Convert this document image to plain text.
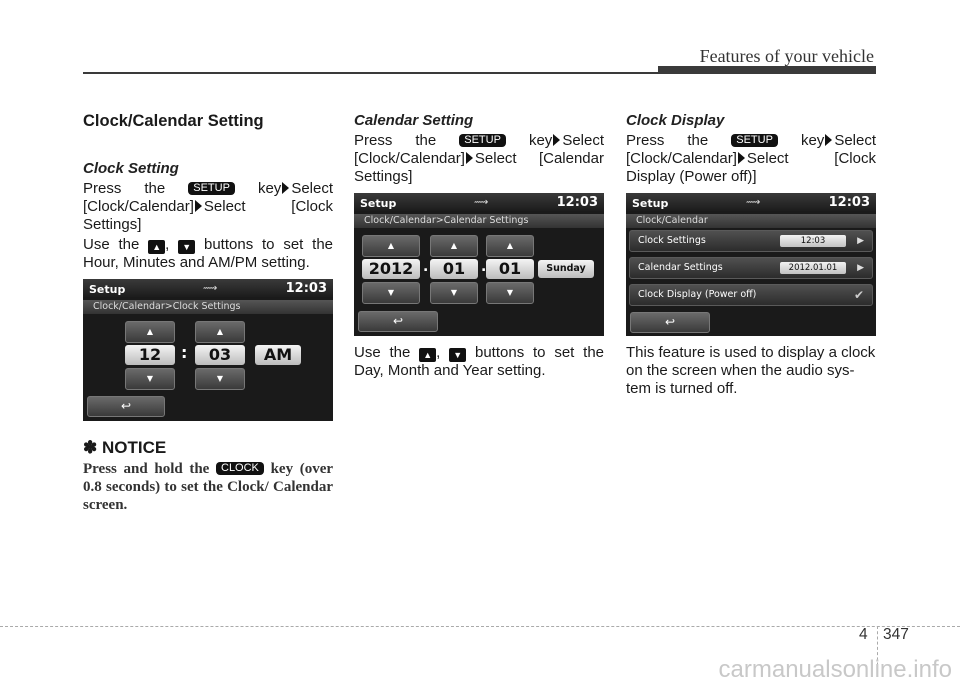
Features of your vehicle
Clock/Calendar Setting
Clock Setting

Press the	SETUP key Select [Clock/Calendar] Select [Clock Settings]

Use the ▲ , ▼ buttons to set the Hour, Minutes and AM/PM setting.

Setup	⟿	12:03
Clock/Calendar>Clock Settings
▲
12
▼
:
▲
03
▼
AM
↩
✽ NOTICE

Press and hold the CLOCK key (over 0.8 seconds) to set the Clock/ Calendar screen.

Calendar Setting

Press the	SETUP key Select [Clock/Calendar] Select [Calendar Settings]

Setup	⟿	12:03
Clock/Calendar>Calendar Settings
▲
2012
▼
.
▲
01
▼
.
▲
01
▼
Sunday
↩

Use the ▲ , ▼ buttons to set the Day, Month and Year setting.

Clock Display

Press the	SETUP key Select [Clock/Calendar] Select [Clock Display (Power off)]

Setup	⟿	12:03
Clock/Calendar
Clock Settings	12:03	▶
Calendar Settings	2012.01.01	▶
Clock Display (Power off)	✔
↩

This feature is used to display a clock on the screen when the audio sys- tem is turned off.

4 347
carmanualsonline.info
